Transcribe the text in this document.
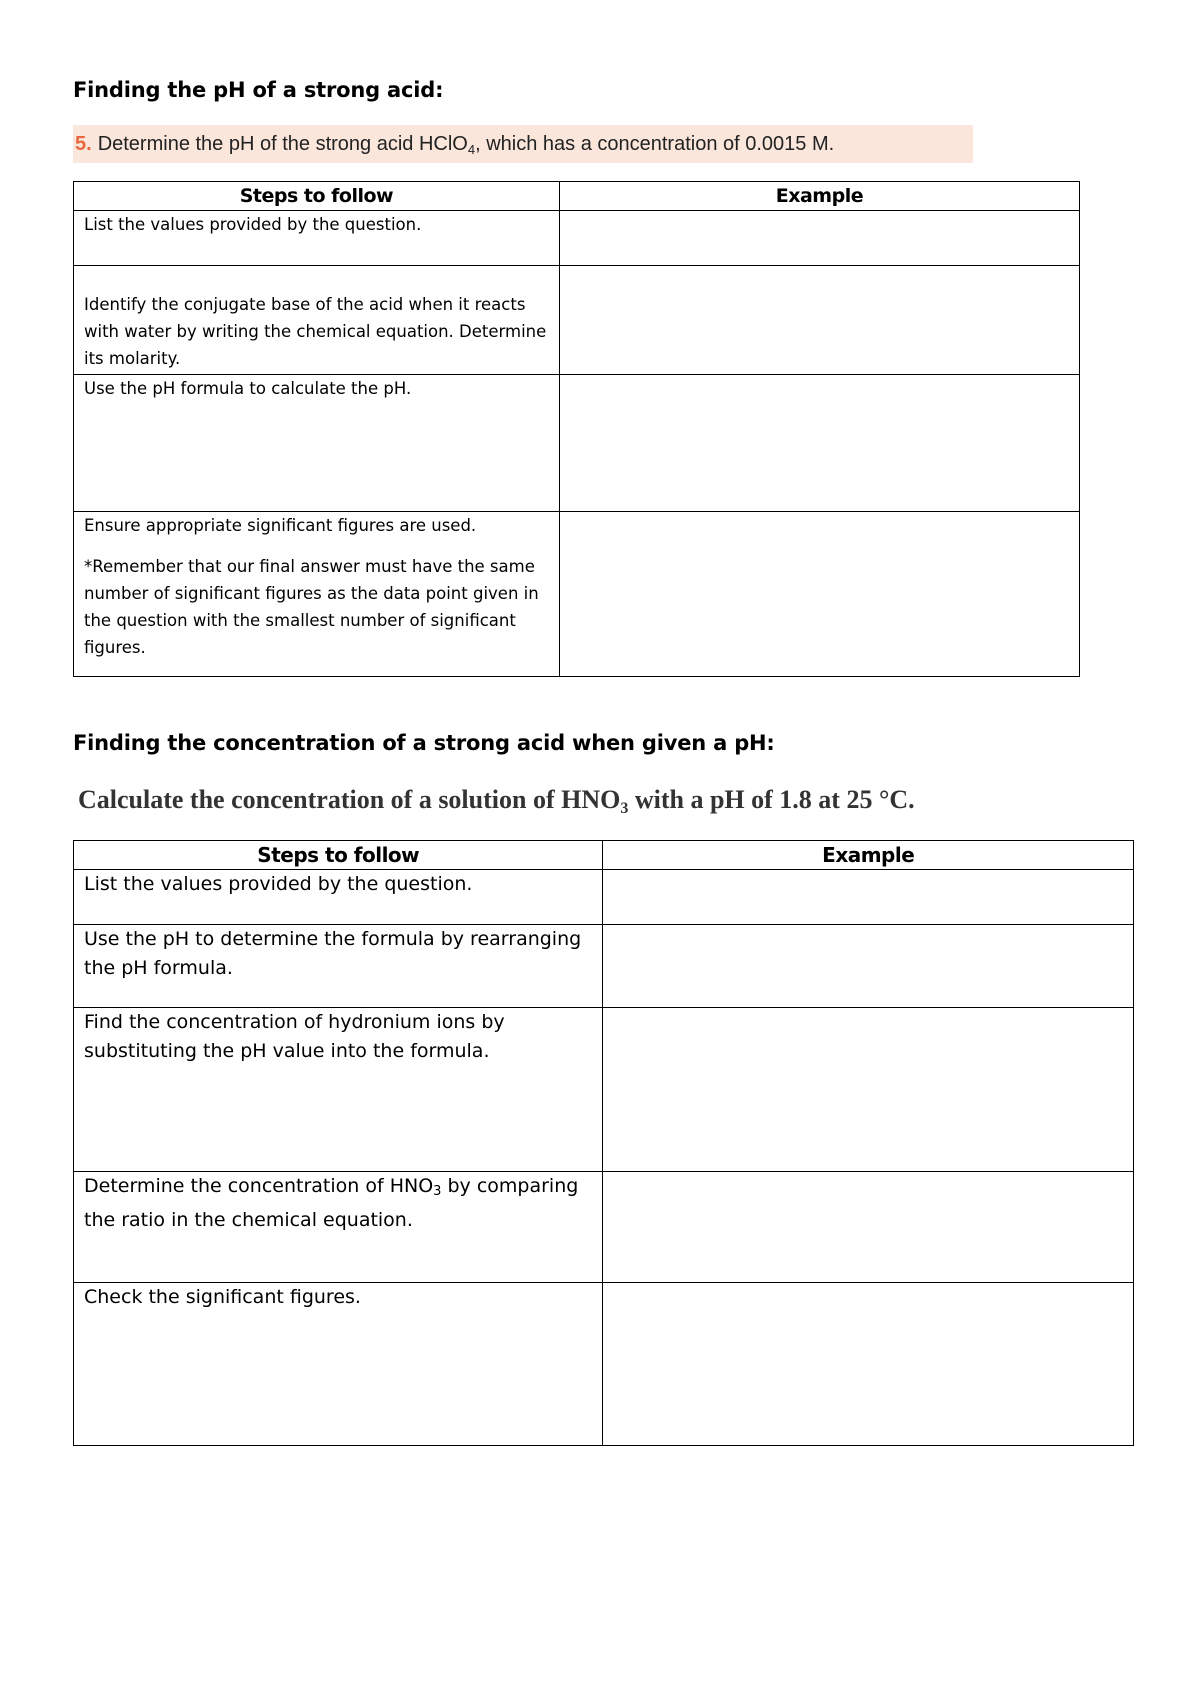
Finding the pH of a strong acid:
5. Determine the pH of the strong acid HClO$_4$, which has a concentration of 0.0015 M.
Steps to follow	Example

List the values provided by the question.	

Identify the conjugate base of the acid when it reacts with water by writing the chemical equation. Determine its molarity.	

Use the pH formula to calculate the pH.	

Ensure appropriate significant figures are used.

*Remember that our final answer must have the same number of significant figures as the data point given in the question with the smallest number of significant figures.	

Finding the concentration of a strong acid when given a pH:
Calculate the concentration of a solution of $HNO_3$ with a pH of 1.8 at 25 °C.
Steps to follow	Example

List the values provided by the question.	

Use the pH to determine the formula by rearranging the pH formula.	

Find the concentration of hydronium ions by substituting the pH value into the formula.	

Determine the concentration of HNO3 by comparing the ratio in the chemical equation.	

Check the significant figures.	
